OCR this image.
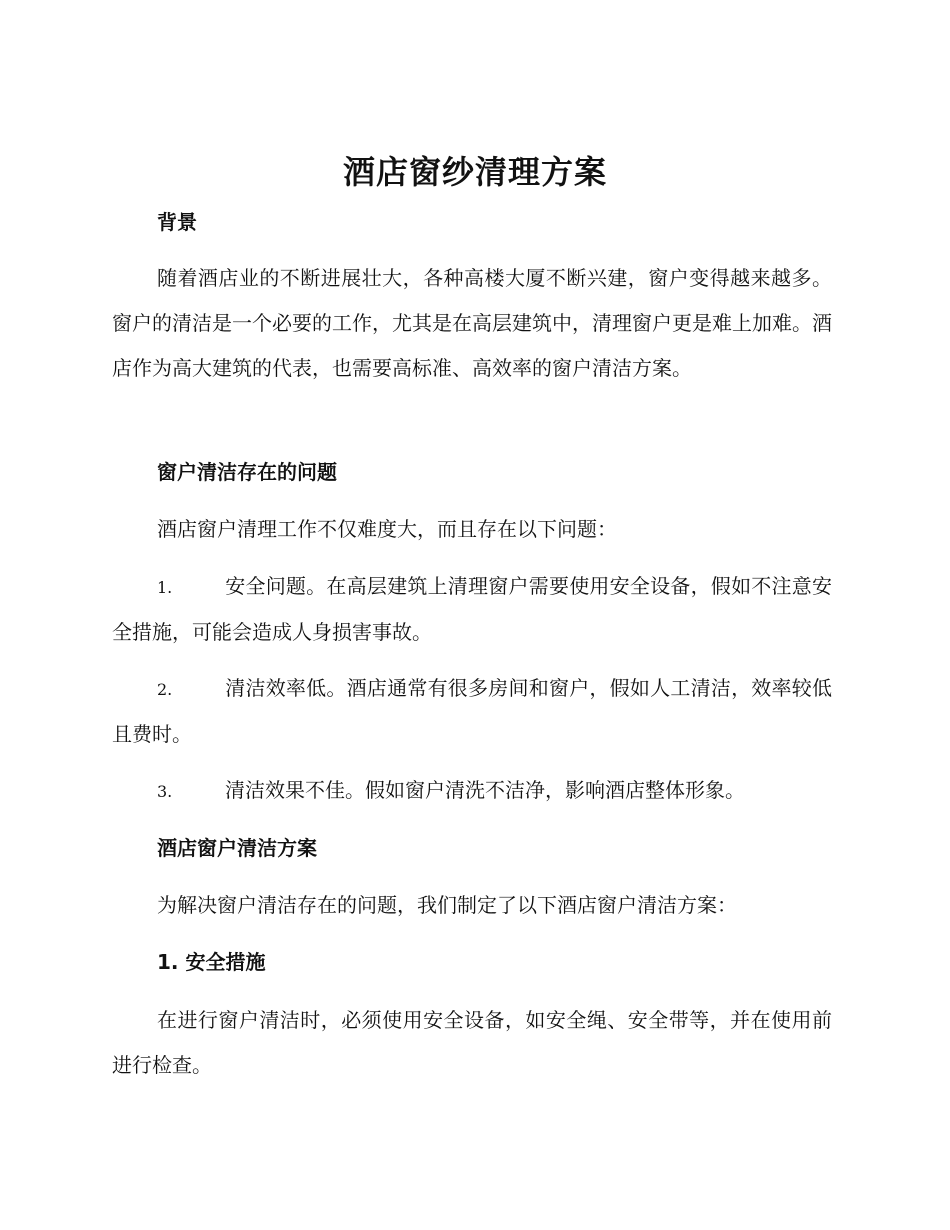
酒店窗纱清理方案
背景
随着酒店业的不断进展壮大，各种高楼大厦不断兴建，窗户变得越来越多。窗户的清洁是一个必要的工作，尤其是在高层建筑中，清理窗户更是难上加难。酒店作为高大建筑的代表，也需要高标准、高效率的窗户清洁方案。
窗户清洁存在的问题
酒店窗户清理工作不仅难度大，而且存在以下问题：
1.	安全问题。在高层建筑上清理窗户需要使用安全设备，假如不注意安全措施，可能会造成人身损害事故。
2.	清洁效率低。酒店通常有很多房间和窗户，假如人工清洁，效率较低且费时。
3.	清洁效果不佳。假如窗户清洗不洁净，影响酒店整体形象。
酒店窗户清洁方案
为解决窗户清洁存在的问题，我们制定了以下酒店窗户清洁方案：
1. 安全措施
在进行窗户清洁时，必须使用安全设备，如安全绳、安全带等，并在使用前进行检查。
